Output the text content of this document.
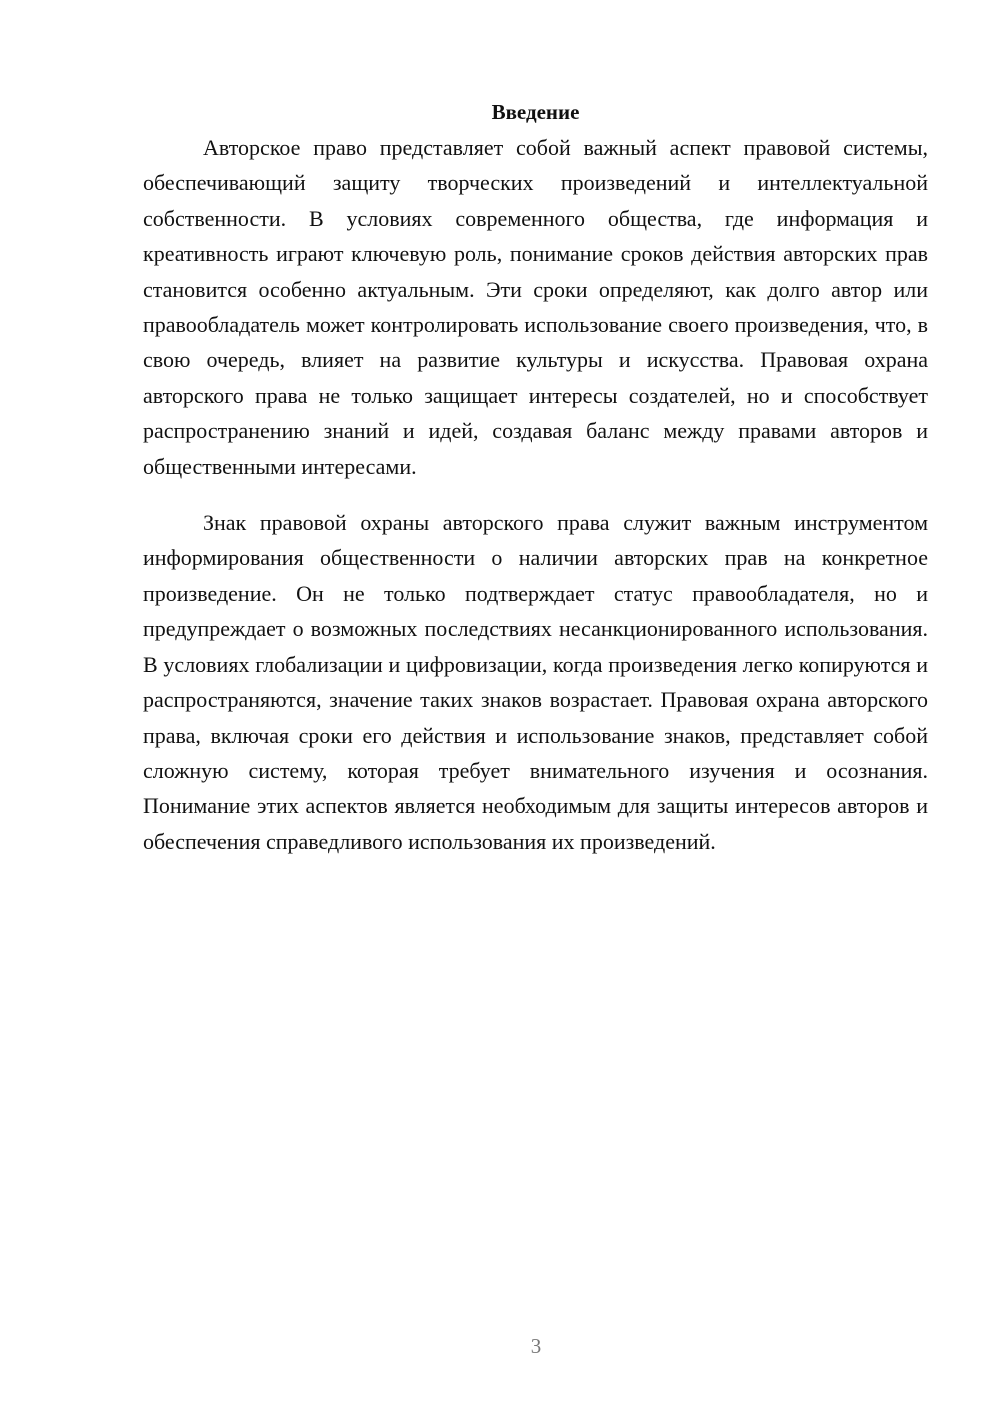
Введение

Авторское право представляет собой важный аспект правовой системы, обеспечивающий защиту творческих произведений и интеллектуальной собственности. В условиях современного общества, где информация и креативность играют ключевую роль, понимание сроков действия авторских прав становится особенно актуальным. Эти сроки определяют, как долго автор или правообладатель может контролировать использование своего произведения, что, в свою очередь, влияет на развитие культуры и искусства. Правовая охрана авторского права не только защищает интересы создателей, но и способствует распространению знаний и идей, создавая баланс между правами авторов и общественными интересами.

Знак правовой охраны авторского права служит важным инструментом информирования общественности о наличии авторских прав на конкретное произведение. Он не только подтверждает статус правообладателя, но и предупреждает о возможных последствиях несанкционированного использования. В условиях глобализации и цифровизации, когда произведения легко копируются и распространяются, значение таких знаков возрастает. Правовая охрана авторского права, включая сроки его действия и использование знаков, представляет собой сложную систему, которая требует внимательного изучения и осознания. Понимание этих аспектов является необходимым для защиты интересов авторов и обеспечения справедливого использования их произведений.

3
